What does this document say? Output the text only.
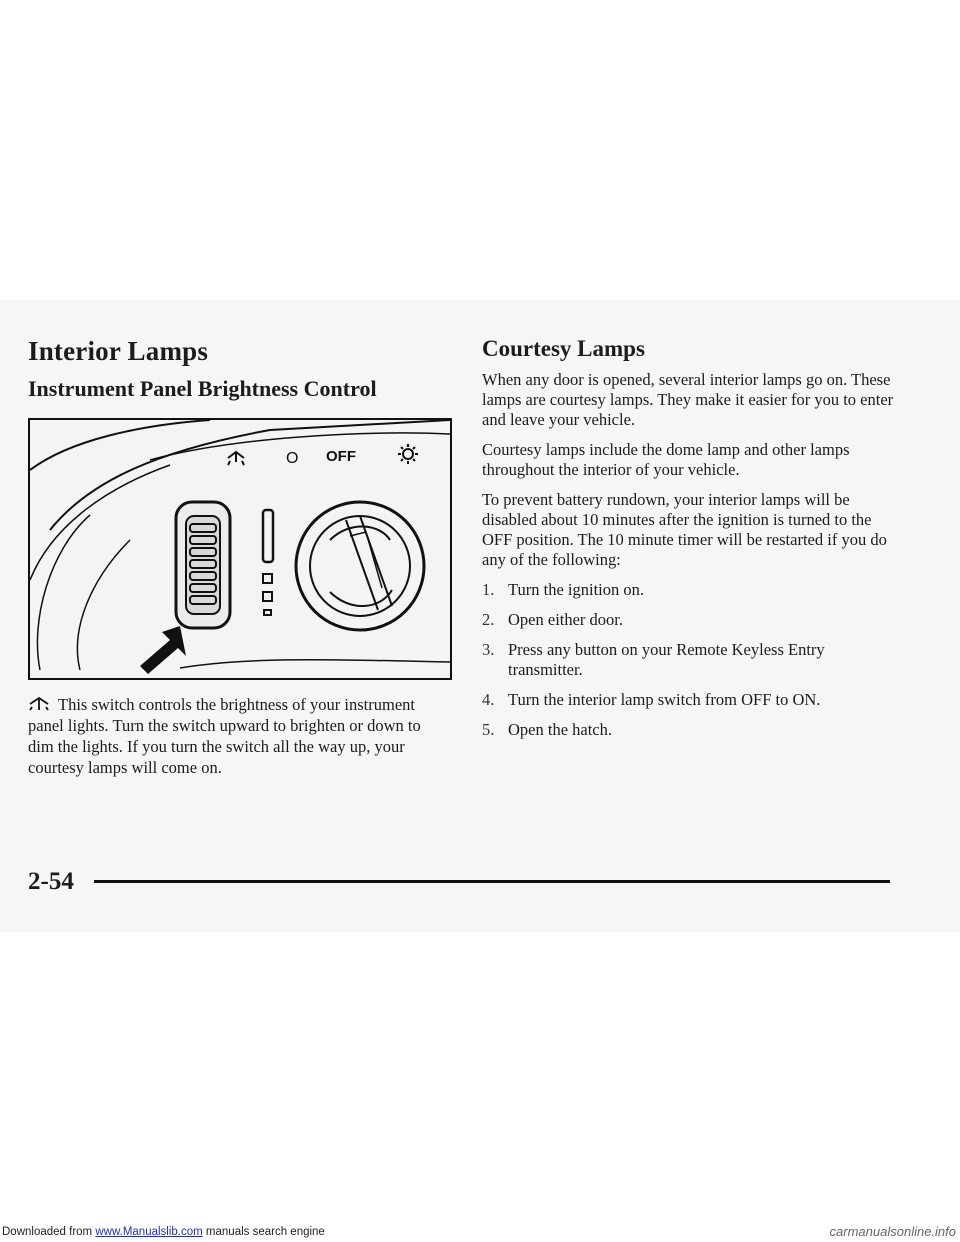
Interior Lamps
Instrument Panel Brightness Control
O OFF

This switch controls the brightness of your instrument panel lights. Turn the switch upward to brighten or down to dim the lights. If you turn the switch all the way up, your courtesy lamps will come on.

Courtesy Lamps

When any door is opened, several interior lamps go on. These lamps are courtesy lamps. They make it easier for you to enter and leave your vehicle.

Courtesy lamps include the dome lamp and other lamps throughout the interior of your vehicle.

To prevent battery rundown, your interior lamps will be disabled about 10 minutes after the ignition is turned to the OFF position. The 10 minute timer will be restarted if you do any of the following:

1. Turn the ignition on.
2. Open either door.
3. Press any button on your Remote Keyless Entry transmitter.
4. Turn the interior lamp switch from OFF to ON.
5. Open the hatch.
2-54
Downloaded from www.Manualslib.com manuals search engine	carmanualsonline.info
